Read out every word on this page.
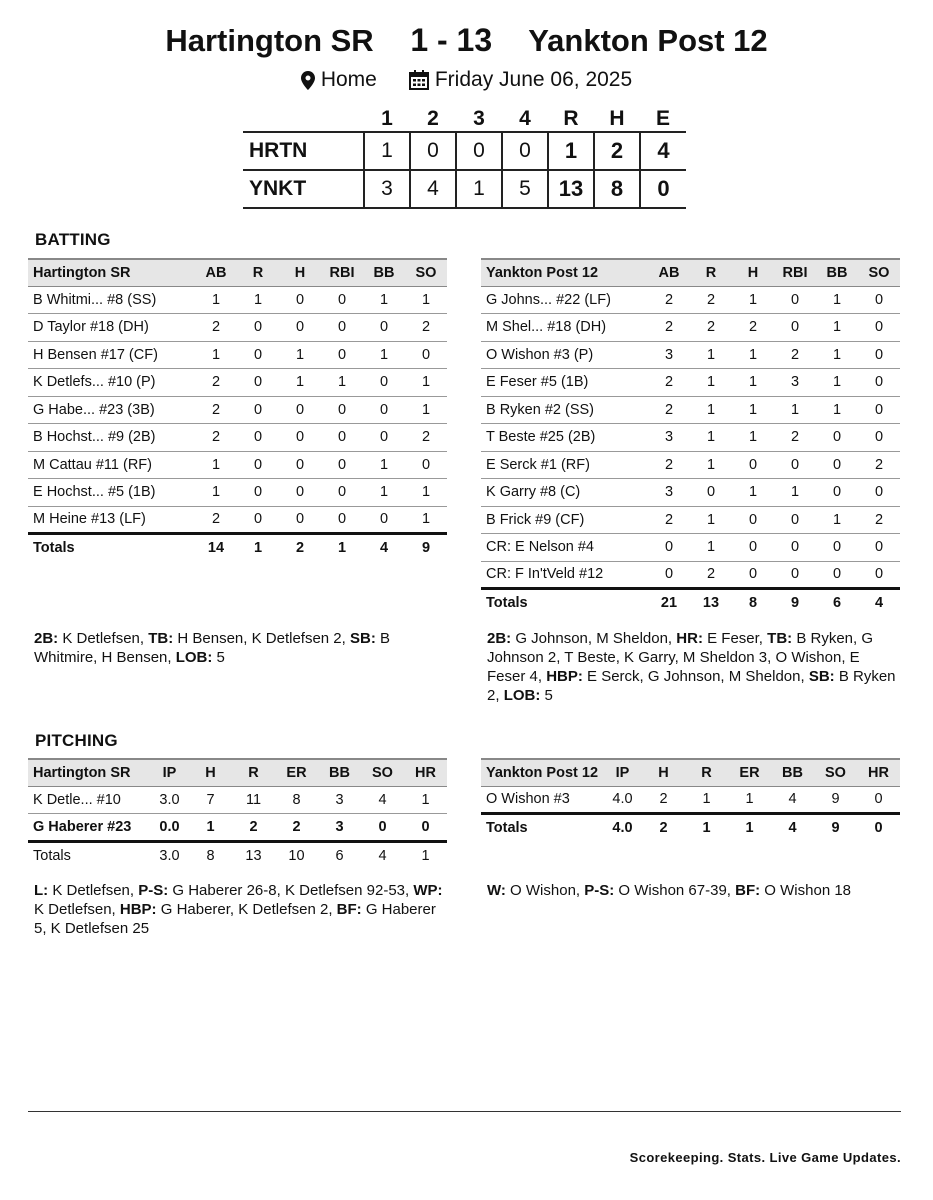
Hartington SR 1 - 13 Yankton Post 12
Home	Friday June 06, 2025
	1	2	3	4	R	H	E
HRTN	1	0	0	0	1	2	4
YNKT	3	4	1	5	13	8	0
BATTING
Hartington SR	AB	R	H	RBI	BB	SO
B Whitmi... #8 (SS)	1	1	0	0	1	1
D Taylor #18 (DH)	2	0	0	0	0	2
H Bensen #17 (CF)	1	0	1	0	1	0
K Detlefs... #10 (P)	2	0	1	1	0	1
G Habe... #23 (3B)	2	0	0	0	0	1
B Hochst... #9 (2B)	2	0	0	0	0	2
M Cattau #11 (RF)	1	0	0	0	1	0
E Hochst... #5 (1B)	1	0	0	0	1	1
M Heine #13 (LF)	2	0	0	0	0	1
Totals	14	1	2	1	4	9
Yankton Post 12	AB	R	H	RBI	BB	SO
G Johns... #22 (LF)	2	2	1	0	1	0
M Shel... #18 (DH)	2	2	2	0	1	0
O Wishon #3 (P)	3	1	1	2	1	0
E Feser #5 (1B)	2	1	1	3	1	0
B Ryken #2 (SS)	2	1	1	1	1	0
T Beste #25 (2B)	3	1	1	2	0	0
E Serck #1 (RF)	2	1	0	0	0	2
K Garry #8 (C)	3	0	1	1	0	0
B Frick #9 (CF)	2	1	0	0	1	2
CR: E Nelson #4	0	1	0	0	0	0
CR: F In'tVeld #12	0	2	0	0	0	0
Totals	21	13	8	9	6	4
2B: K Detlefsen, TB: H Bensen, K Detlefsen 2, SB: B Whitmire, H Bensen, LOB: 5
2B: G Johnson, M Sheldon, HR: E Feser, TB: B Ryken, G Johnson 2, T Beste, K Garry, M Sheldon 3, O Wishon, E Feser 4, HBP: E Serck, G Johnson, M Sheldon, SB: B Ryken 2, LOB: 5
PITCHING
Hartington SR	IP	H	R	ER	BB	SO	HR
K Detle... #10	3.0	7	11	8	3	4	1
G Haberer #23	0.0	1	2	2	3	0	0
Totals	3.0	8	13	10	6	4	1
Yankton Post 12	IP	H	R	ER	BB	SO	HR
O Wishon #3	4.0	2	1	1	4	9	0
Totals	4.0	2	1	1	4	9	0
L: K Detlefsen, P-S: G Haberer 26-8, K Detlefsen 92-53, WP: K Detlefsen, HBP: G Haberer, K Detlefsen 2, BF: G Haberer 5, K Detlefsen 25
W: O Wishon, P-S: O Wishon 67-39, BF: O Wishon 18
Scorekeeping. Stats. Live Game Updates.
